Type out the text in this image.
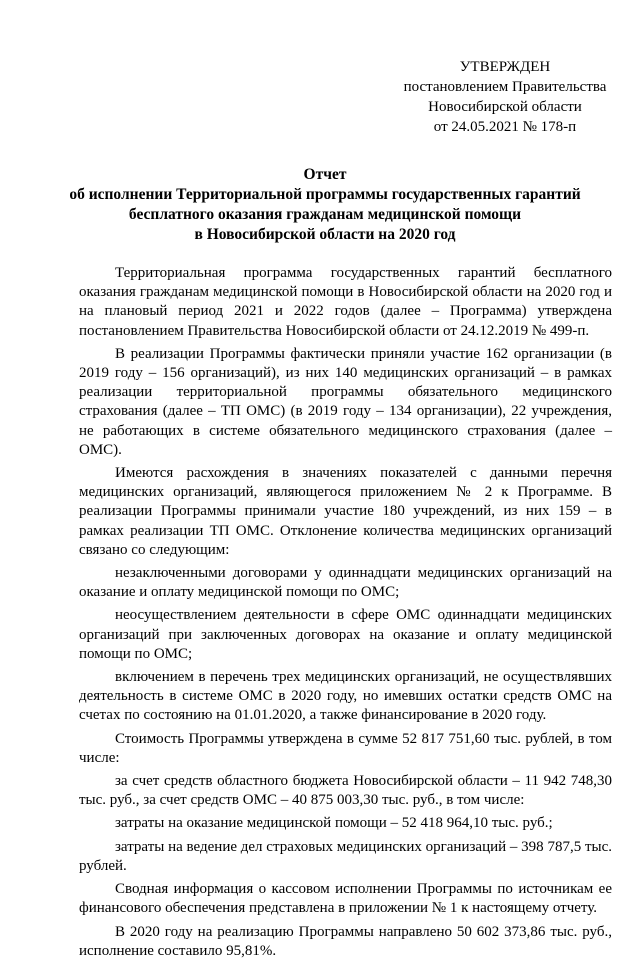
УТВЕРЖДЕН
постановлением Правительства
Новосибирской области
от 24.05.2021 № 178-п
Отчет
об исполнении Территориальной программы государственных гарантий
бесплатного оказания гражданам медицинской помощи
в Новосибирской области на 2020 год

Территориальная программа государственных гарантий бесплатного оказания гражданам медицинской помощи в Новосибирской области на 2020 год и на плановый период 2021 и 2022 годов (далее – Программа) утверждена постановлением Правительства Новосибирской области от 24.12.2019 № 499-п.

В реализации Программы фактически приняли участие 162 организации (в 2019 году – 156 организаций), из них 140 медицинских организаций – в рамках реализации территориальной программы обязательного медицинского страхования (далее – ТП ОМС) (в 2019 году – 134 организации), 22 учреждения, не работающих в системе обязательного медицинского страхования (далее – ОМС).

Имеются расхождения в значениях показателей с данными перечня медицинских организаций, являющегося приложением № 2 к Программе. В реализации Программы принимали участие 180 учреждений, из них 159 – в рамках реализации ТП ОМС. Отклонение количества медицинских организаций связано со следующим:

незаключенными договорами у одиннадцати медицинских организаций на оказание и оплату медицинской помощи по ОМС;

неосуществлением деятельности в сфере ОМС одиннадцати медицинских организаций при заключенных договорах на оказание и оплату медицинской помощи по ОМС;

включением в перечень трех медицинских организаций, не осуществлявших деятельность в системе ОМС в 2020 году, но имевших остатки средств ОМС на счетах по состоянию на 01.01.2020, а также финансирование в 2020 году.

Стоимость Программы утверждена в сумме 52 817 751,60 тыс. рублей, в том числе:

за счет средств областного бюджета Новосибирской области – 11 942 748,30 тыс. руб., за счет средств ОМС – 40 875 003,30 тыс. руб., в том числе:

затраты на оказание медицинской помощи – 52 418 964,10 тыс. руб.;

затраты на ведение дел страховых медицинских организаций – 398 787,5 тыс. рублей.

Сводная информация о кассовом исполнении Программы по источникам ее финансового обеспечения представлена в приложении № 1 к настоящему отчету.

В 2020 году на реализацию Программы направлено 50 602 373,86 тыс. руб., исполнение составило 95,81%.
